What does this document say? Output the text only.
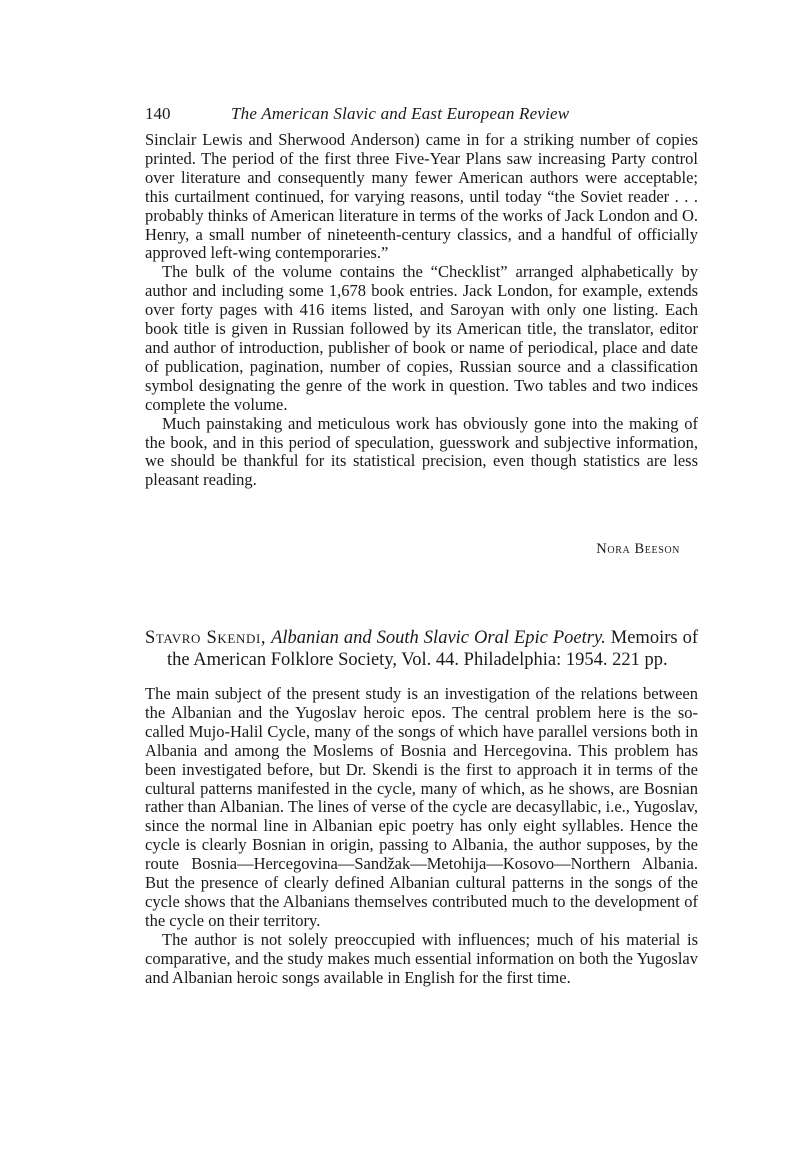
140	The American Slavic and East European Review

Sinclair Lewis and Sherwood Anderson) came in for a striking number of copies printed. The period of the first three Five-Year Plans saw increasing Party control over literature and consequently many fewer American authors were acceptable; this curtailment continued, for varying reasons, until today “the Soviet reader . . . probably thinks of American literature in terms of the works of Jack London and O. Henry, a small number of nineteenth-century classics, and a handful of officially approved left-wing contemporaries.”

The bulk of the volume contains the “Checklist” arranged alphabetically by author and including some 1,678 book entries. Jack London, for example, extends over forty pages with 416 items listed, and Saroyan with only one listing. Each book title is given in Russian followed by its American title, the translator, editor and author of introduction, publisher of book or name of periodical, place and date of publication, pagination, number of copies, Russian source and a classification symbol designating the genre of the work in question. Two tables and two indices complete the volume.

Much painstaking and meticulous work has obviously gone into the making of the book, and in this period of speculation, guesswork and subjective information, we should be thankful for its statistical precision, even though statistics are less pleasant reading.

Nora Beeson
Stavro Skendi, Albanian and South Slavic Oral Epic Poetry. Memoirs of the American Folklore Society, Vol. 44. Philadelphia: 1954. 221 pp.

The main subject of the present study is an investigation of the relations between the Albanian and the Yugoslav heroic epos. The central problem here is the so-called Mujo-Halil Cycle, many of the songs of which have parallel versions both in Albania and among the Moslems of Bosnia and Hercegovina. This problem has been investigated before, but Dr. Skendi is the first to approach it in terms of the cultural patterns manifested in the cycle, many of which, as he shows, are Bosnian rather than Albanian. The lines of verse of the cycle are decasyllabic, i.e., Yugoslav, since the normal line in Albanian epic poetry has only eight syllables. Hence the cycle is clearly Bosnian in origin, passing to Albania, the author supposes, by the route Bosnia—Hercegovina—Sandžak—Metohija—Kosovo—Northern Albania. But the presence of clearly defined Albanian cultural patterns in the songs of the cycle shows that the Albanians themselves contributed much to the development of the cycle on their territory.

The author is not solely preoccupied with influences; much of his material is comparative, and the study makes much essential information on both the Yugoslav and Albanian heroic songs available in English for the first time.
